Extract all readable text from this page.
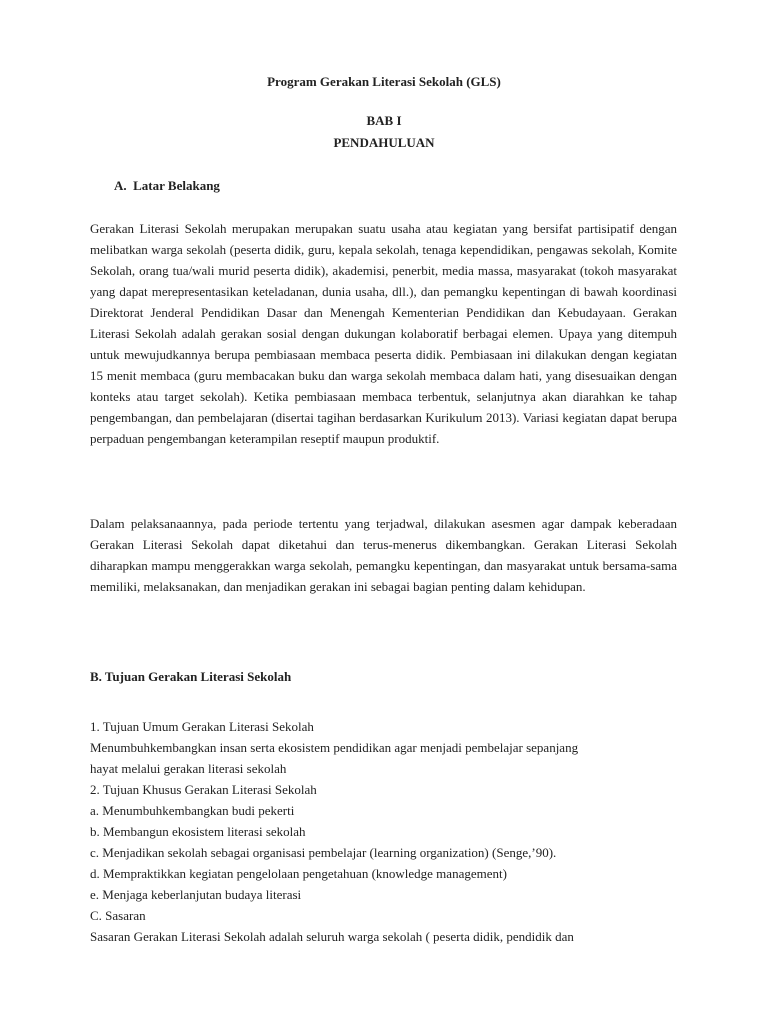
Program Gerakan Literasi Sekolah (GLS)
BAB I
PENDAHULUAN
A.  Latar Belakang
Gerakan Literasi Sekolah merupakan merupakan suatu usaha atau kegiatan yang bersifat partisipatif dengan melibatkan warga sekolah (peserta didik, guru, kepala sekolah, tenaga kependidikan, pengawas sekolah, Komite Sekolah, orang tua/wali murid peserta didik), akademisi, penerbit, media massa, masyarakat (tokoh masyarakat yang dapat merepresentasikan keteladanan, dunia usaha, dll.), dan pemangku kepentingan di bawah koordinasi Direktorat Jenderal Pendidikan Dasar dan Menengah Kementerian Pendidikan dan Kebudayaan. Gerakan Literasi Sekolah adalah gerakan sosial dengan dukungan kolaboratif berbagai elemen. Upaya yang ditempuh untuk mewujudkannya berupa pembiasaan membaca peserta didik. Pembiasaan ini dilakukan dengan kegiatan 15 menit membaca (guru membacakan buku dan warga sekolah membaca dalam hati, yang disesuaikan dengan konteks atau target sekolah). Ketika pembiasaan membaca terbentuk, selanjutnya akan diarahkan ke tahap pengembangan, dan pembelajaran (disertai tagihan berdasarkan Kurikulum 2013). Variasi kegiatan dapat berupa perpaduan pengembangan keterampilan reseptif maupun produktif.
Dalam pelaksanaannya, pada periode tertentu yang terjadwal, dilakukan asesmen agar dampak keberadaan Gerakan Literasi Sekolah dapat diketahui dan terus-menerus dikembangkan. Gerakan Literasi Sekolah diharapkan mampu menggerakkan warga sekolah, pemangku kepentingan, dan masyarakat untuk bersama-sama memiliki, melaksanakan, dan menjadikan gerakan ini sebagai bagian penting dalam kehidupan.
B. Tujuan Gerakan Literasi Sekolah
1. Tujuan Umum Gerakan Literasi Sekolah
Menumbuhkembangkan insan serta ekosistem pendidikan agar menjadi pembelajar sepanjang
hayat melalui gerakan literasi sekolah
2. Tujuan Khusus Gerakan Literasi Sekolah
a. Menumbuhkembangkan budi pekerti
b. Membangun ekosistem literasi sekolah
c. Menjadikan sekolah sebagai organisasi pembelajar (learning organization) (Senge,’90).
d. Mempraktikkan kegiatan pengelolaan pengetahuan (knowledge management)
e. Menjaga keberlanjutan budaya literasi
C. Sasaran
Sasaran Gerakan Literasi Sekolah adalah seluruh warga sekolah ( peserta didik, pendidik dan
